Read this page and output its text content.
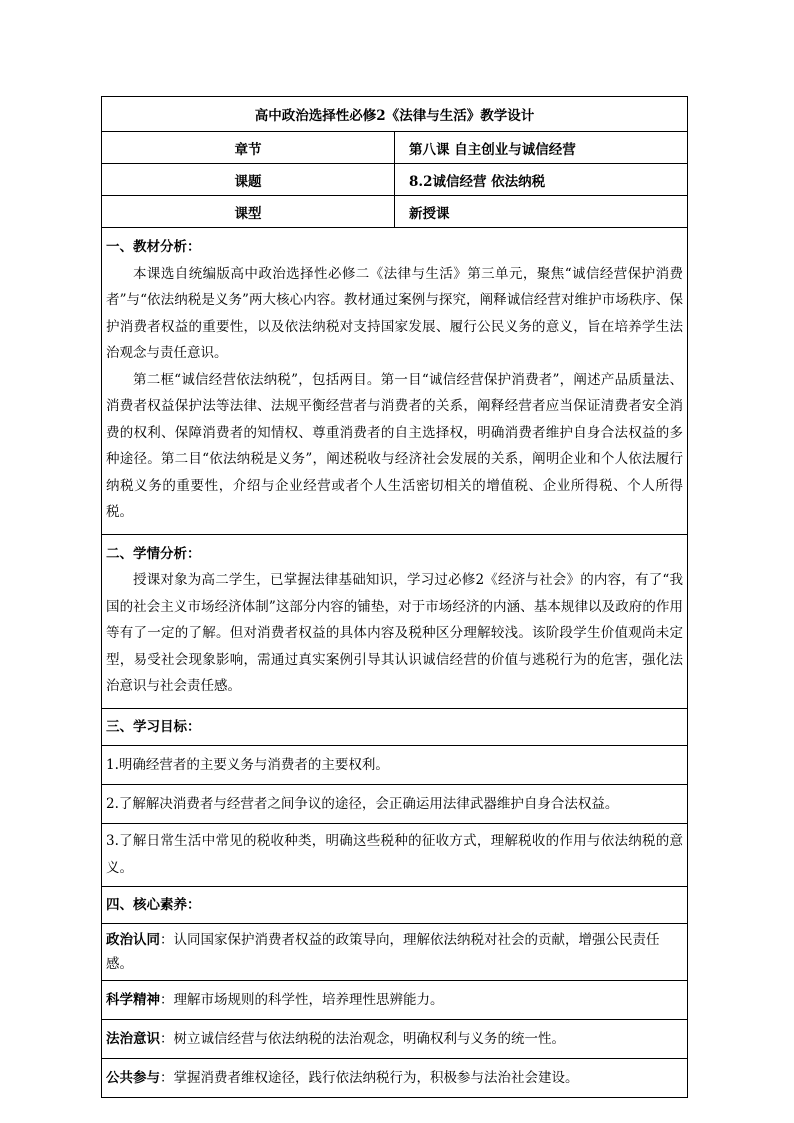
高中政治选择性必修2《法律与生活》教学设计	
章节	第八课 自主创业与诚信经营
课题	8.2诚信经营 依法纳税
课型	新授课

一、教材分析：
本课选自统编版高中政治选择性必修二《法律与生活》第三单元，聚焦“诚信经营保护消费者”与“依法纳税是义务”两大核心内容。教材通过案例与探究，阐释诚信经营对维护市场秩序、保护消费者权益的重要性，以及依法纳税对支持国家发展、履行公民义务的意义，旨在培养学生法治观念与责任意识。
第二框“诚信经营依法纳税”，包括两目。第一目“诚信经营保护消费者”，阐述产品质量法、消费者权益保护法等法律、法规平衡经营者与消费者的关系，阐释经营者应当保证清费者安全消费的权利、保障消费者的知情权、尊重消费者的自主选择权，明确消费者维护自身合法权益的多种途径。第二目“依法纳税是义务”，阐述税收与经济社会发展的关系，阐明企业和个人依法履行纳税义务的重要性，介绍与企业经营或者个人生活密切相关的增值税、企业所得税、个人所得税。	

二、学情分析：
授课对象为高二学生，已掌握法律基础知识，学习过必修2《经济与社会》的内容，有了“我国的社会主义市场经济体制”这部分内容的铺垫，对于市场经济的内涵、基本规律以及政府的作用等有了一定的了解。但对消费者权益的具体内容及税种区分理解较浅。该阶段学生价值观尚未定型，易受社会现象影响，需通过真实案例引导其认识诚信经营的价值与逃税行为的危害，强化法治意识与社会责任感。	

三、学习目标：	

1.明确经营者的主要义务与消费者的主要权利。	

2.了解解决消费者与经营者之间争议的途径，会正确运用法律武器维护自身合法权益。	

3.了解日常生活中常见的税收种类，明确这些税种的征收方式，理解税收的作用与依法纳税的意义。	

四、核心素养：	

政治认同：认同国家保护消费者权益的政策导向，理解依法纳税对社会的贡献，增强公民责任感。	
科学精神：理解市场规则的科学性，培养理性思辨能力。	
法治意识：树立诚信经营与依法纳税的法治观念，明确权利与义务的统一性。	
公共参与：掌握消费者维权途径，践行依法纳税行为，积极参与法治社会建设。	
